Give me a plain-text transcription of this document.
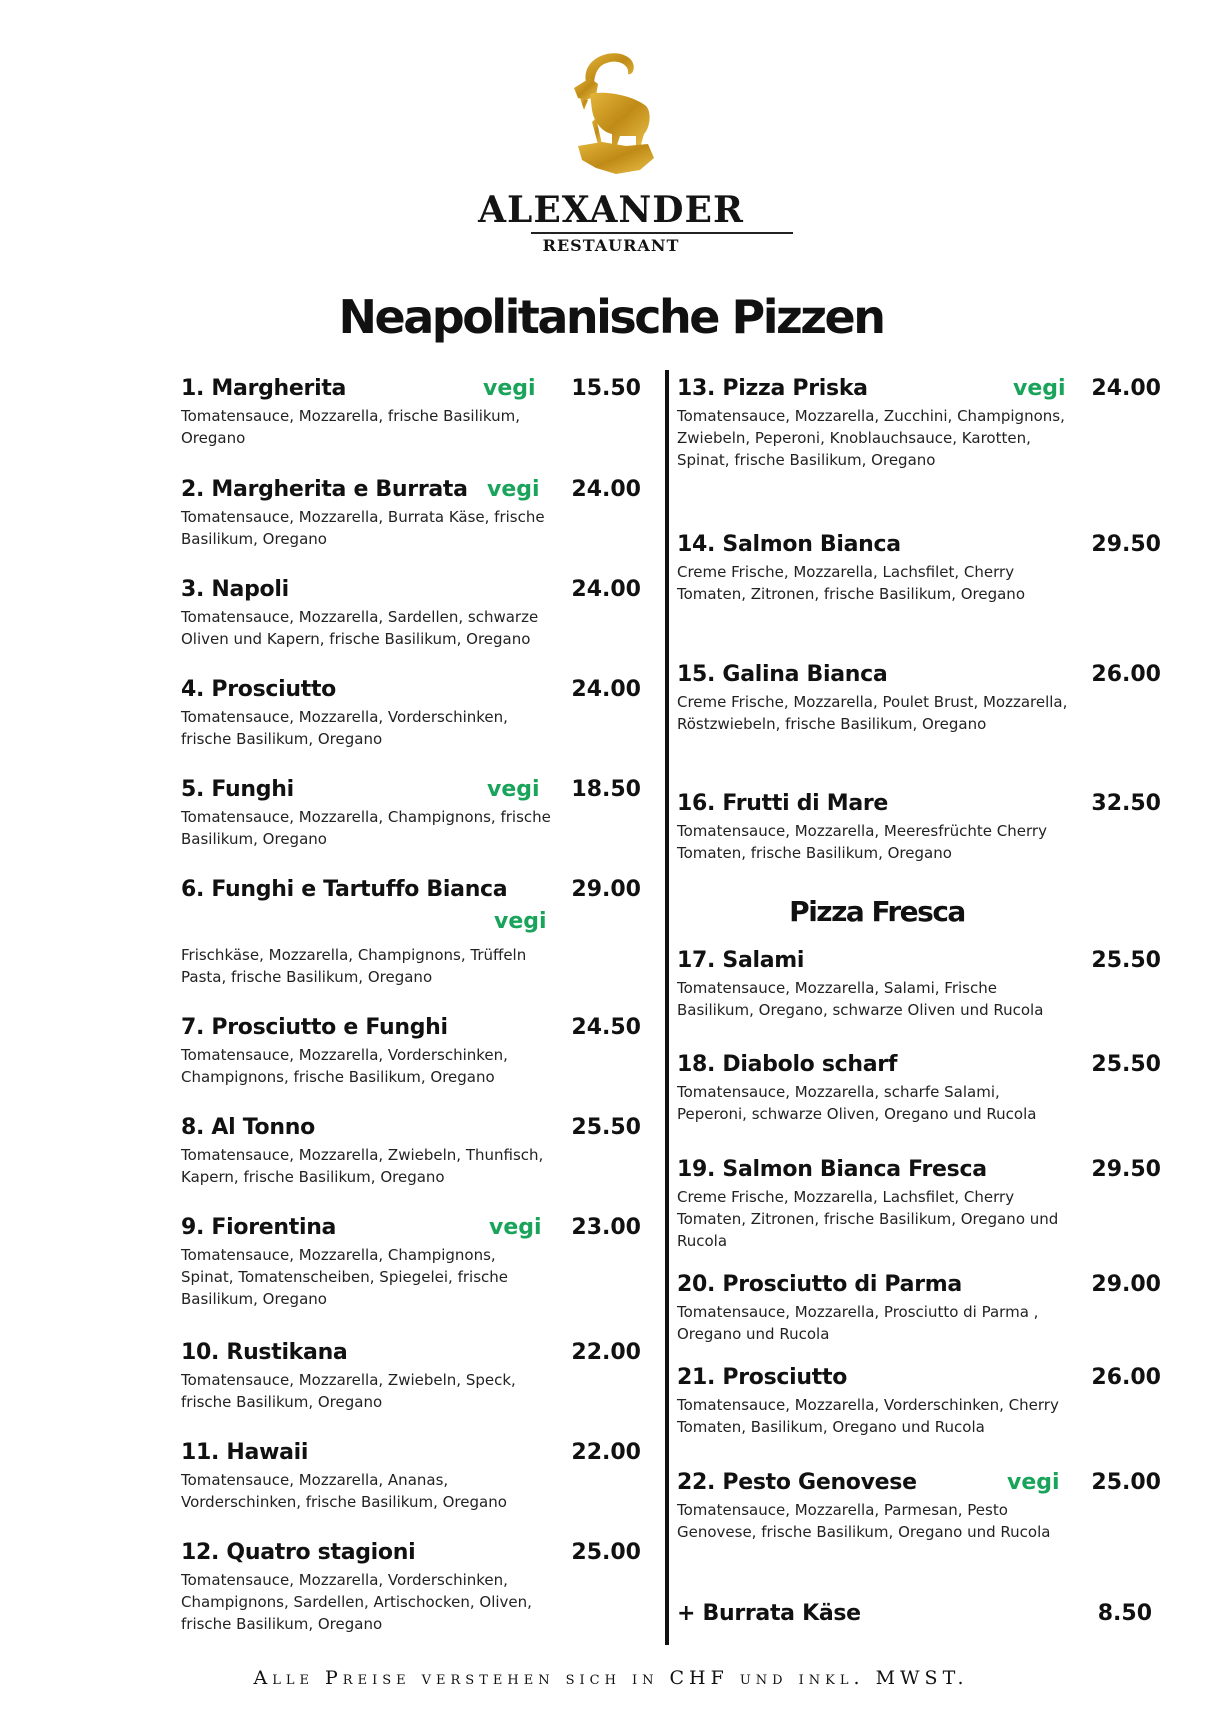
ALEXANDER
RESTAURANT
Neapolitanische Pizzen
1. Margherita	vegi 15.50
Tomatensauce, Mozzarella, frische Basilikum, Oregano
2. Margherita e Burrata vegi 24.00
Tomatensauce, Mozzarella, Burrata Käse, frische Basilikum, Oregano
3. Napoli	24.00
Tomatensauce, Mozzarella, Sardellen, schwarze Oliven und Kapern, frische Basilikum, Oregano
4. Prosciutto	24.00
Tomatensauce, Mozzarella, Vorderschinken, frische Basilikum, Oregano
5. Funghi	vegi 18.50
Tomatensauce, Mozzarella, Champignons, frische Basilikum, Oregano
6. Funghi e Tartuffo Bianca	29.00
vegi
Frischkäse, Mozzarella, Champignons, Trüffeln Pasta, frische Basilikum, Oregano
7. Prosciutto e Funghi	24.50
Tomatensauce, Mozzarella, Vorderschinken, Champignons, frische Basilikum, Oregano
8. Al Tonno	25.50
Tomatensauce, Mozzarella, Zwiebeln, Thunfisch, Kapern, frische Basilikum, Oregano
9. Fiorentina	vegi 23.00
Tomatensauce, Mozzarella, Champignons, Spinat, Tomatenscheiben, Spiegelei, frische Basilikum, Oregano
10. Rustikana	22.00
Tomatensauce, Mozzarella, Zwiebeln, Speck, frische Basilikum, Oregano
11. Hawaii	22.00
Tomatensauce, Mozzarella, Ananas, Vorderschinken, frische Basilikum, Oregano
12. Quatro stagioni	25.00
Tomatensauce, Mozzarella, Vorderschinken, Champignons, Sardellen, Artischocken, Oliven, frische Basilikum, Oregano
13. Pizza Priska	vegi 24.00
Tomatensauce, Mozzarella, Zucchini, Champignons, Zwiebeln, Peperoni, Knoblauchsauce, Karotten, Spinat, frische Basilikum, Oregano
14. Salmon Bianca	29.50
Creme Frische, Mozzarella, Lachsfilet, Cherry Tomaten, Zitronen, frische Basilikum, Oregano
15. Galina Bianca	26.00
Creme Frische, Mozzarella, Poulet Brust, Mozzarella, Röstzwiebeln, frische Basilikum, Oregano
16. Frutti di Mare	32.50
Tomatensauce, Mozzarella, Meeresfrüchte Cherry Tomaten, frische Basilikum, Oregano
17. Salami	25.50
Tomatensauce, Mozzarella, Salami, Frische Basilikum, Oregano, schwarze Oliven und Rucola
18. Diabolo scharf	25.50
Tomatensauce, Mozzarella, scharfe Salami, Peperoni, schwarze Oliven, Oregano und Rucola
19. Salmon Bianca Fresca	29.50
Creme Frische, Mozzarella, Lachsfilet, Cherry Tomaten, Zitronen, frische Basilikum, Oregano und Rucola
20. Prosciutto di Parma	29.00
Tomatensauce, Mozzarella, Prosciutto di Parma , Oregano und Rucola
21. Prosciutto	26.00
Tomatensauce, Mozzarella, Vorderschinken, Cherry Tomaten, Basilikum, Oregano und Rucola
22. Pesto Genovese	vegi 25.00
Tomatensauce, Mozzarella, Parmesan, Pesto Genovese, frische Basilikum, Oregano und Rucola
+ Burrata Käse	8.50
Pizza Fresca
Alle Preise verstehen sich in CHF und inkl. MWST.
